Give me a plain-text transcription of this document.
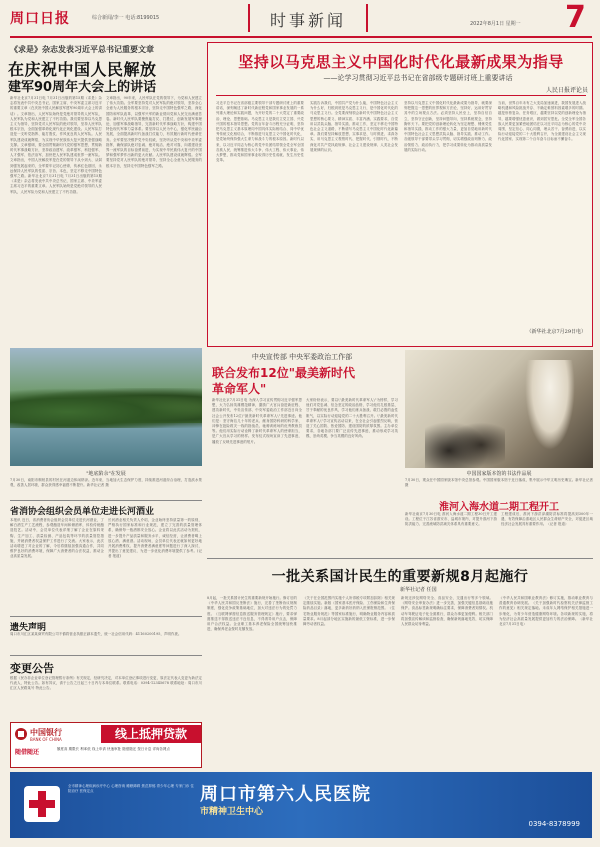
周口日报	综合新闻/李一 电话:8199015	时事新闻	2022年8月1日 星期一	7
《求是》杂志发表习近平总书记重要文章
在庆祝中国人民解放
建军90周年大会上的讲话
新华社北京7月31日电 7月31日出版的第15期《求是》杂志将发表中共中央总书记、国家主席、中央军委主席习近平的重要文章《在庆祝中国人民解放军建军90周年大会上的讲话》。文章指出，人民军队始终是党绝对领导的人民军队，人民军队为党和人民建立了不朽功勋。我们要坚持以马克思主义为指导，坚持党对人民军队的绝对领导，坚持人民军队根本宗旨，全面加强革命化现代化正规化建设。人民军队打造是一支听党指挥、能打胜仗、作风优良的人民军队。人民军队建设成就辉煌，为实现中华民族伟大复兴提供坚强战略支撑。文章强调，要全面贯彻新时代党的强军思想，贯彻新时代军事战略方针，坚持政治建军、改革强军、科技强军、人才强军、依法治军，加快把人民军队建成世界一流军队。文章指出，中国人民解放军是在党的领导下从小到大、从弱到强发展起来的，全军要牢记初心使命，传承红色基因，永远保持人民军队的性质、宗旨、本色，坚定不移走中国特色强军之路。新华社北京7月31日电 7月31日出版的第15期《求是》杂志将发表中共中央总书记、国家主席、中央军委主席习近平的重要文章。人民军队始终是党绝对领导的人民军队，人民军队为党和人民建立了不朽功勋。
文章指出，90年来，人民军队在党的领导下，为党和人民建立了伟大功勋。全军要坚持党对人民军队的绝对领导，坚持全心全意为人民服务的根本宗旨，坚持走中国特色强军之路，深化国防和军队改革，以强军兴军的新业绩向党和人民交出满意答卷。新时代人民军队要聚焦能打仗、打胜仗，创新发展军事理论，加强军事战略指导，完善新时代军事战略方针，构建中国特色现代军事力量体系。要坚持以人民为中心，强化军民融合发展，全面提高新时代备战打仗能力，有效履行新时代使命任务。全军要坚决维护党中央权威，坚决听从党中央和中央军委指挥，确保部队绝对忠诚、绝对纯洁、绝对可靠，向着建设世界一流军队的目标奋勇前进，为实现中华民族伟大复兴的中国梦和强军梦作出新的更大贡献。人民军队建设成就辉煌。全军要坚持党对人民军队的绝对领导，坚持全心全意为人民服务的根本宗旨，坚持走中国特色强军之路。
"地底陷余"在发展
7月30日，南阳市桐柏县的村民在河道边休闲纳凉。近年来，当地加大生态保护力度，持续推进河道综合治理，打造滨水景观，改善人居环境，群众获得感幸福感不断提升。新华社记者 摄
省消协会组织会员单位走进长河酒业
本报讯 近日，省消费者协会组织会员单位走进长河酒业，了解白酒生产工艺流程，参观酿造车间和储酒库，体验传统酿造技艺。活动中，会员单位代表详细了解了企业在原料采购、生产加工、质量检测、产品包装等环节的质量管控措施，并就消费者权益保护工作进行了交流。大家表示，此次活动增进了对企业的了解，今后将继续加强沟通合作，共同维护良好的消费环境，保障广大消费者的合法权益，推动企业高质量发展。
长河酒业相关负责人介绍，企业始终坚持质量第一的原则，严格执行国家标准和行业规范，建立了完善的质量管理体系，确保每一瓶酒都安全放心。企业将以此次活动为契机，进一步提升产品质量和服务水平，诚信经营，让消费者喝上放心酒、满意酒。活动现场，会员单位代表还就如何更好地开展消费维权、提升消费者满意度等问题进行了深入探讨，并提出了意见建议，为进一步优化消费环境提供了参考。(记者 报道)
遗失声明
周口市川汇区某某商贸有限公司不慎将营业执照正副本遗失，统一社会信用代码：41160200195，声明作废。
变更公告
根据《民办非企业单位登记管理暂行条例》有关规定，经研究决定，对本单位登记事项进行变更，原法定代表人变更为新法定代表人，特此公告。如有异议，请于公告之日起三十日内与本单位联系。联系电话：0394-12345678 联系地址：周口市川汇区人民路某号 特此公告。
中国银行
BANK OF CHINA	线上抵押贷款
随借随还	额度高 期限长 利率低 线上申请 快速审批 随借随还 按日计息 详询各网点
周口市第六人民医院
市精神卫生中心
0394-8378999
全市精神心理疾病诊疗中心 心理咨询 睡眠障碍 焦虑抑郁 青少年心理 专家门诊 住院治疗 医保定点
坚持以马克思主义中国化时代化最新成果为指导
——论学习贯彻习近平总书记在省部级专题研讨班上重要讲话
人民日报评论员
习近平总书记在省部级主要领导干部专题研讨班上的重要讲话，深刻阐述了新时代新征程党和国家事业发展的一系列重大理论和实践问题，为开好党的二十大奠定了重要政治、理论、思想基础。马克思主义是我们立党立国、兴党兴国的根本指导思想。党的百年奋斗历程充分证明，坚持把马克思主义基本原理同中国具体实际相结合、同中华优秀传统文化相结合，不断推进马克思主义中国化时代化，是党始终保持强大生命力和战斗力的根本原因。新时代以来，以习近平同志为核心的党中央团结带领全党全军全国各族人民，统筹推进伟大斗争、伟大工程、伟大事业、伟大梦想，推动党和国家事业取得历史性成就、发生历史性变革。
实践告诉我们，中国共产党为什么能，中国特色社会主义为什么好，归根到底是马克思主义行，是中国化时代化的马克思主义行。全党要深刻领会新时代中国特色社会主义思想的核心要义、精神实质、丰富内涵、实践要求，自觉用以武装头脑、指导实践、推动工作，坚定不移走中国特色社会主义道路，不断谱写马克思主义中国化时代化新篇章。我们要坚持解放思想、实事求是、与时俱进、求真务实，用马克思主义观察时代、把握时代、引领时代，不断深化对共产党执政规律、社会主义建设规律、人类社会发展规律的认识。
坚持以马克思主义中国化时代化最新成果为指导，就要深刻把握这一思想的世界观和方法论，坚持好、运用好贯穿其中的立场观点方法。必须坚持人民至上，坚持自信自立，坚持守正创新，坚持问题导向，坚持系统观念，坚持胸怀天下。要把党的创新理论转化为坚定理想、锤炼党性和指导实践、推动工作的强大力量，更加自觉地用新时代中国特色社会主义思想武装头脑、指导实践、推动工作。各级领导干部要带头学习贯彻，切实增强政治判断力、政治领悟力、政治执行力，把学习成果转化为推动高质量发展的实际行动。
当前，世界百年未有之大变局加速演进，我国发展进入战略机遇和风险挑战并存、不确定难预料因素增多的时期。越是形势复杂、任务艰巨，越要坚持以党的创新理论为指导，越要增强忧患意识，做到居安思危。全党全军全国各族人民要更加紧密地团结在以习近平同志为核心的党中央周围，坚定信心、同心同德，埋头苦干、奋勇前进，以实际行动迎接党的二十大胜利召开，为全面建设社会主义现代化国家、实现第二个百年奋斗目标而不懈奋斗。
（新华社北京7月29日电）
中央宣传部 中央军委政治工作部
联合发布12位"最美新时代
革命军人"
新华社北京7月31日电 为深入学习宣传贯彻习近平强军思想，大力弘扬英雄模范精神，激励广大官兵奋进新征程、建功新时代，中央宣传部、中央军委政治工作部近日向全社会公开发布12位\"最美新时代革命军人\"先进事迹。他们是：坚守海岛几十年的老兵、献身国防科研的科学家、冲锋在抢险救灾一线的指战员、驰骋训练场的优秀教练员等。他们用实际行动诠释了新时代革命军人的使命担当，是广大官兵学习的榜样。发布仪式现场宣读了先进事迹，播放了反映先进事迹的短片。
大家纷纷表示，要以\"最美新时代革命军人\"为榜样，学习他们对党忠诚、信念坚定的政治品格，学习他们扎根基层、甘于奉献的优良作风，学习他们练兵备战、敢打必胜的血性胆气，以实际行动迎接党的二十大胜利召开。\"最美新时代革命军人\"学习宣传活动以来，在全社会引起强烈反响，营造了关心国防、热爱国防、建设国防的浓厚氛围。主办单位要求，各地各部门要广泛宣传先进事迹，推动形成学习英模、崇尚英模、争当英模的良好风尚。
中国国家版本馆的书法作品展
7月30日，观众在中国国家版本馆中央总馆参观。中国国家版本馆于近日落成，集中展示中华文明历史瑰宝。新华社记者 摄
淮河入海水道二期工程开工
新华社南京7月30日电 淮河入海水道二期工程30日开工建设。工程位于江苏省淮安市、盐城市境内，对提升淮河下游防洪能力、完善流域防洪减灾体系具有重要意义。
工程建成后，淮河下游洪泽湖防洪标准将提高到300年一遇，有效保障沿淮地区人民群众生命财产安全，对促进区域经济社会发展具有重要作用。（记者 报道）
一批关系国计民生的重要新规8月起施行
新华社记者 任国
8月起，一批关系国计民生的重要新规开始施行。修订后的《中华人民共和国反垄断法》施行，完善了垄断协议规制制度，强化竞争政策基础地位，加大对违法行为的处罚力度。《互联网弹窗信息推送服务管理规定》施行，要求弹窗推送不得推送违法不良信息，不得诱导用户点击，保障用户合法权益。企业职工基本养老保险全国统筹加快推进，确保养老金按时足额发放。
《关于在全国范围内实施个人所得税专项附加扣除》相关规定继续实施。新版《国家基本医疗保险、工伤保险和生育保险药品目录》落地，更多新药好药纳入医保报销范围。《住宅物业服务规范》等国家标准施行，明确物业服务内容和质量要求。8月起部分地区实施新的最低工资标准，进一步保障劳动者权益。
新规还涉及网络安全、食品安全、交通出行等多个领域。《网络安全审查办法》进一步完善，加强关键信息基础设施保护。食品标签新规明确标注要求，保障消费者知情权。机动车驾驶证电子化全面推行，群众办事更加便利。相关部门将加强宣传解读和监督检查，确保新规落地见效，切实保障人民群众切身利益。
《中华人民共和国职业教育法》修订实施，推动职业教育与普通教育协调发展。《关于加强新时代检察机关法律监督工作的意见》相关规定落地。未成年人网络保护相关措施进一步细化，为青少年营造健康网络环境。各项新规的实施，将为经济社会高质量发展提供更加有力的法治保障。（新华社北京7月31日电）
